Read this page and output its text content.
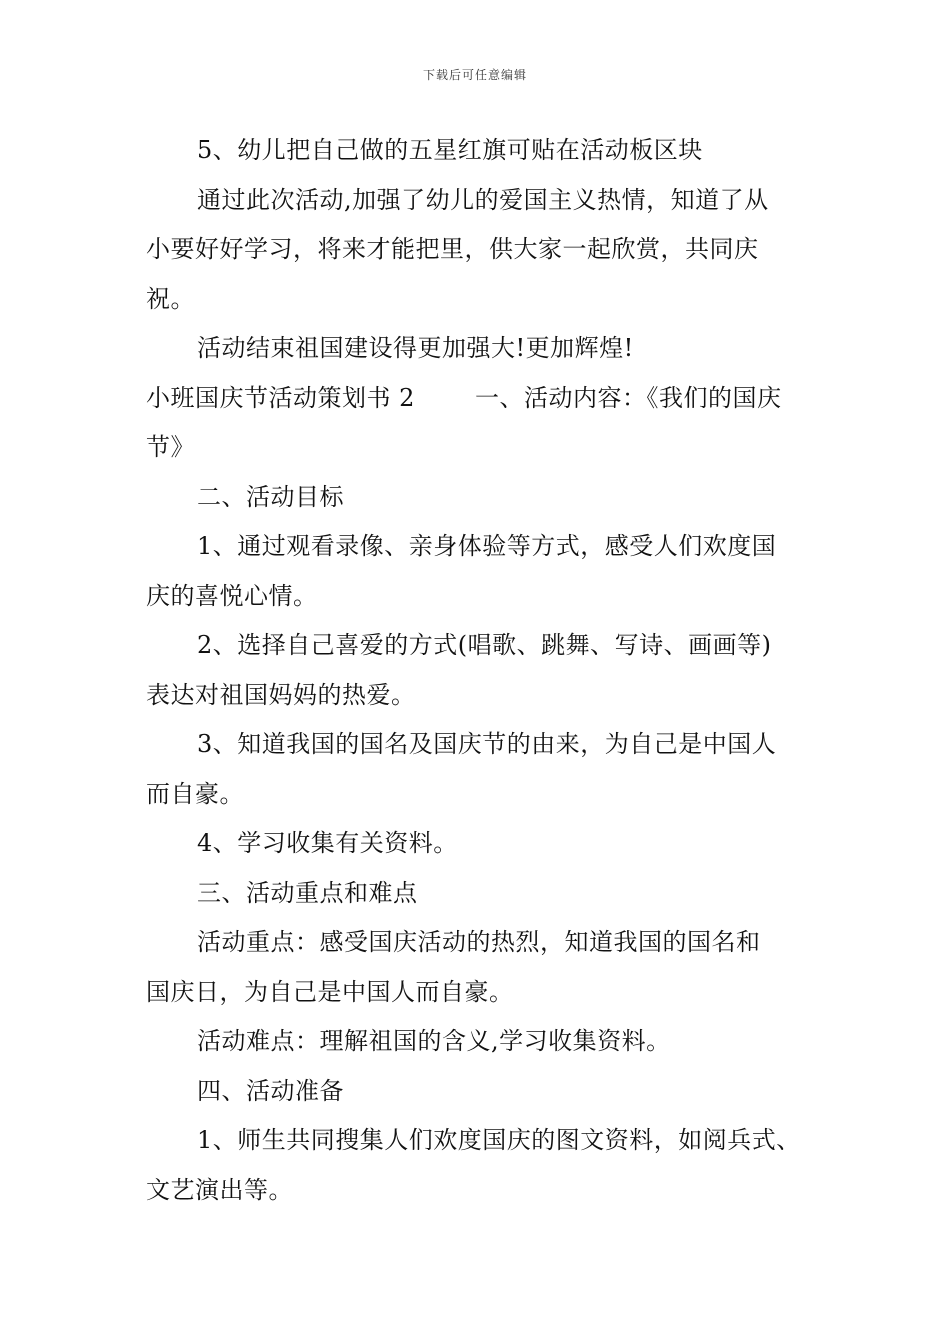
下载后可任意编辑
5、幼儿把自己做的五星红旗可贴在活动板区块
通过此次活动,加强了幼儿的爱国主义热情，知道了从
小要好好学习，将来才能把里，供大家一起欣赏，共同庆
祝。
活动结束祖国建设得更加强大!更加辉煌!
小班国庆节活动策划书 2	一、活动内容：《我们的国庆
节》
二、活动目标
1、通过观看录像、亲身体验等方式，感受人们欢度国
庆的喜悦心情。
2、选择自己喜爱的方式(唱歌、跳舞、写诗、画画等)
表达对祖国妈妈的热爱。
3、知道我国的国名及国庆节的由来，为自己是中国人
而自豪。
4、学习收集有关资料。
三、活动重点和难点
活动重点：感受国庆活动的热烈，知道我国的国名和
国庆日，为自己是中国人而自豪。
活动难点：理解祖国的含义,学习收集资料。
四、活动准备
1、师生共同搜集人们欢度国庆的图文资料，如阅兵式、
文艺演出等。
